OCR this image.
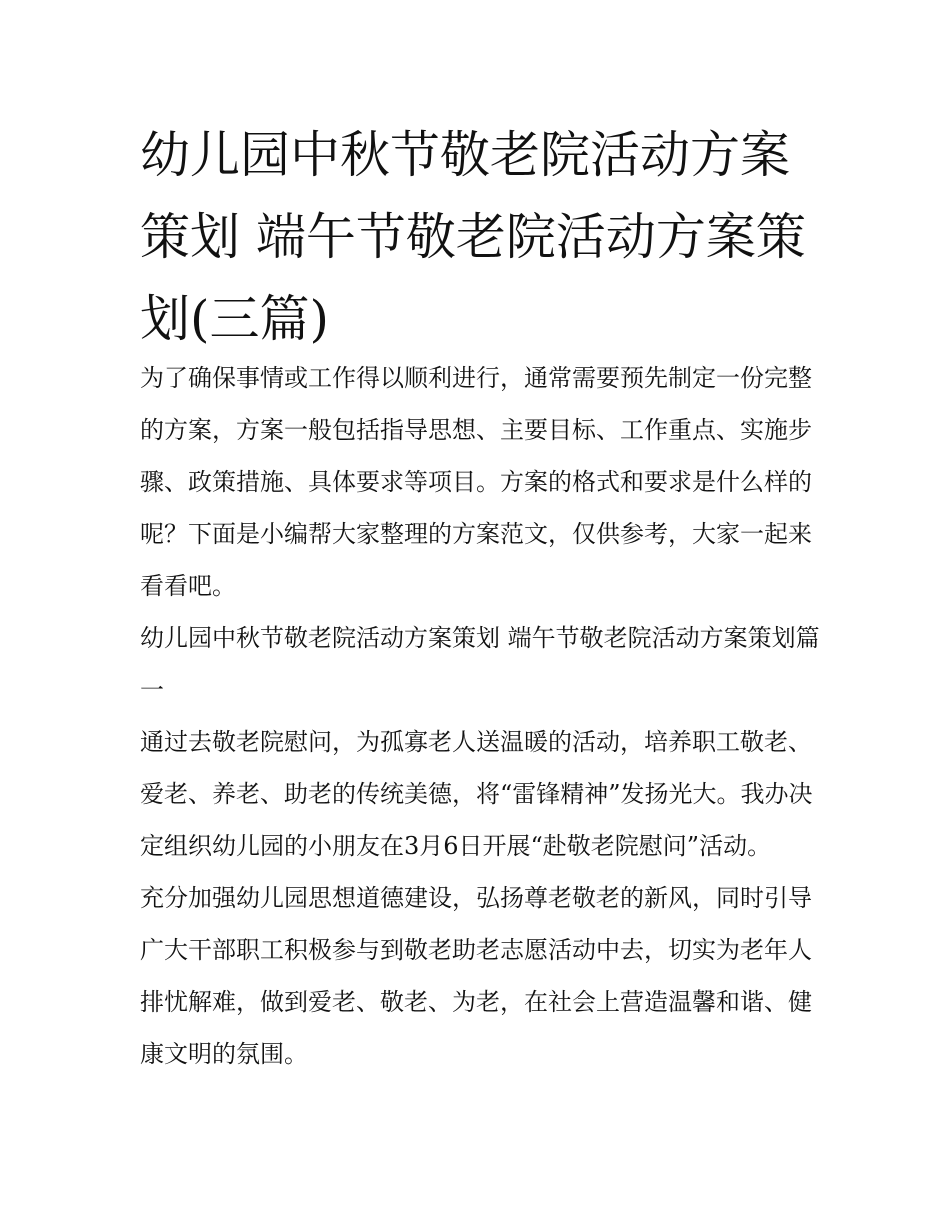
幼儿园中秋节敬老院活动方案策划 端午节敬老院活动方案策划(三篇)

为了确保事情或工作得以顺利进行，通常需要预先制定一份完整的方案，方案一般包括指导思想、主要目标、工作重点、实施步骤、政策措施、具体要求等项目。方案的格式和要求是什么样的呢？下面是小编帮大家整理的方案范文，仅供参考，大家一起来看看吧。

幼儿园中秋节敬老院活动方案策划 端午节敬老院活动方案策划篇一

通过去敬老院慰问，为孤寡老人送温暖的活动，培养职工敬老、爱老、养老、助老的传统美德，将“雷锋精神”发扬光大。我办决定组织幼儿园的小朋友在3月6日开展“赴敬老院慰问”活动。

充分加强幼儿园思想道德建设，弘扬尊老敬老的新风，同时引导广大干部职工积极参与到敬老助老志愿活动中去，切实为老年人排忧解难，做到爱老、敬老、为老，在社会上营造温馨和谐、健康文明的氛围。
